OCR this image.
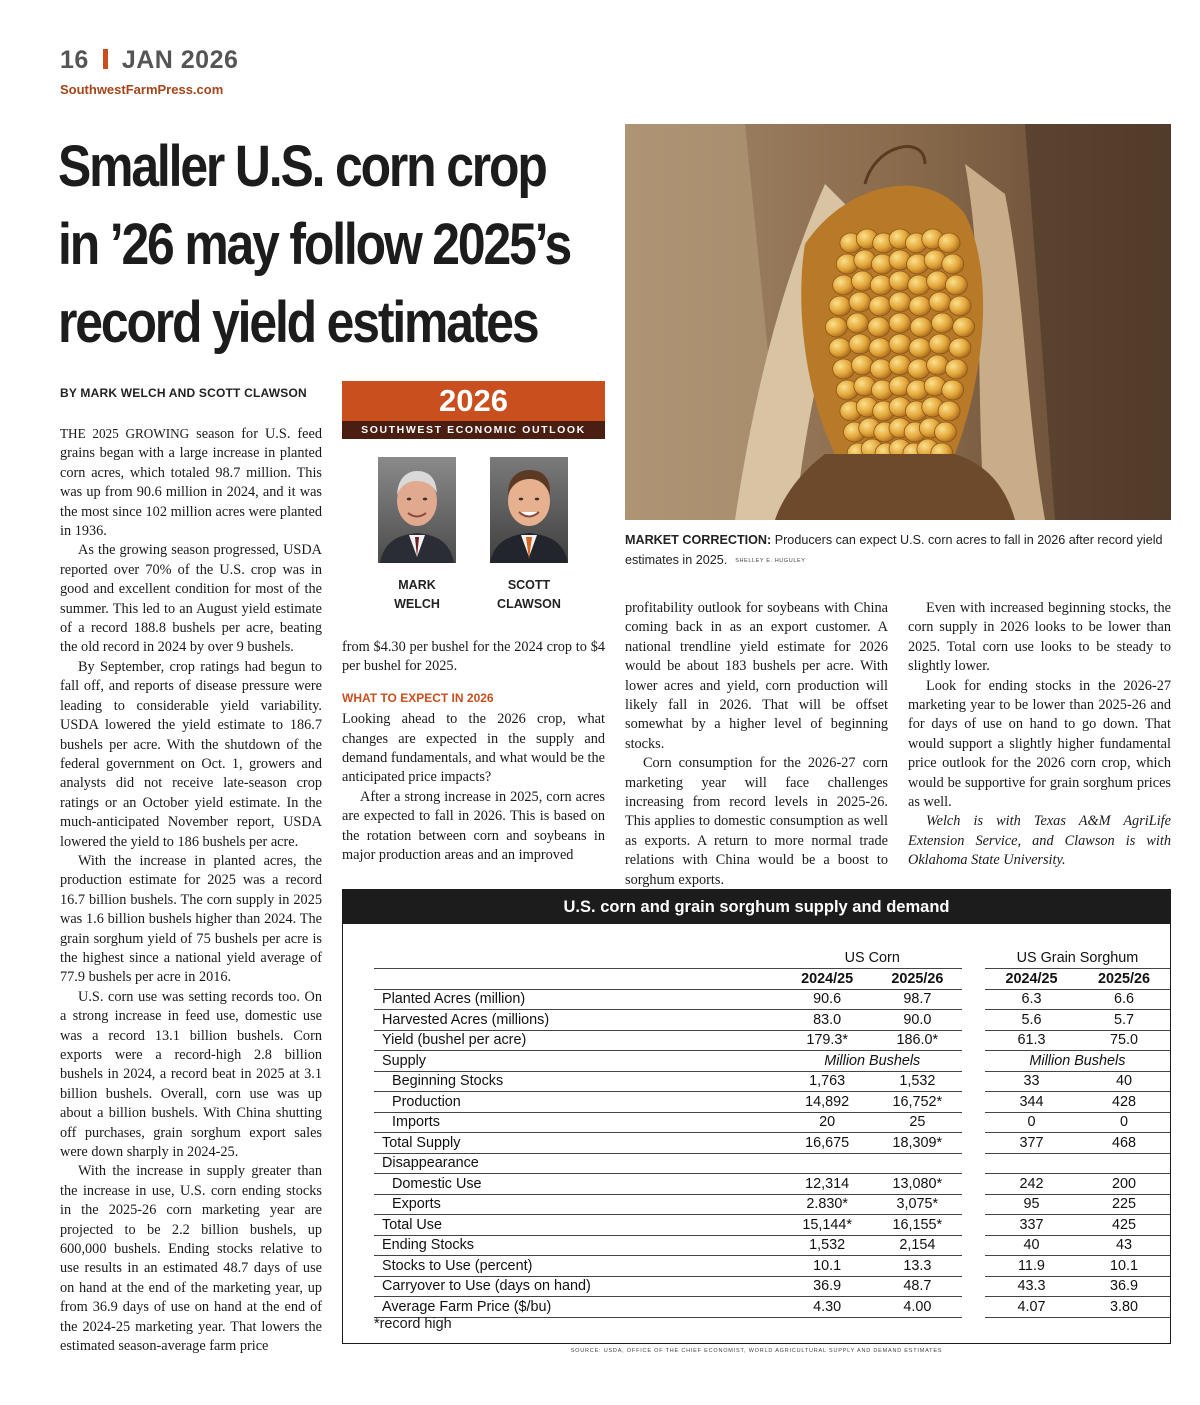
16 JAN 2026
SouthwestFarmPress.com
Smaller U.S. corn crop
in ’26 may follow 2025’s
record yield estimates
BY MARK WELCH AND SCOTT CLAWSON

THE 2025 GROWING season for U.S. feed grains began with a large increase in planted corn acres, which totaled 98.7 million. This was up from 90.6 million in 2024, and it was the most since 102 million acres were planted in 1936.

As the growing season progressed, USDA reported over 70% of the U.S. crop was in good and excellent condition for most of the summer. This led to an August yield estimate of a record 188.8 bushels per acre, beating the old record in 2024 by over 9 bushels.

By September, crop ratings had begun to fall off, and reports of disease pressure were leading to considerable yield variability. USDA lowered the yield estimate to 186.7 bushels per acre. With the shutdown of the federal government on Oct. 1, growers and analysts did not receive late-season crop ratings or an October yield estimate. In the much-anticipated November report, USDA lowered the yield to 186 bushels per acre.

With the increase in planted acres, the production estimate for 2025 was a record 16.7 billion bushels. The corn supply in 2025 was 1.6 billion bushels higher than 2024. The grain sorghum yield of 75 bushels per acre is the highest since a national yield average of 77.9 bushels per acre in 2016.

U.S. corn use was setting records too. On a strong increase in feed use, domestic use was a record 13.1 billion bushels. Corn exports were a record-high 2.8 billion bushels in 2024, a record beat in 2025 at 3.1 billion bushels. Overall, corn use was up about a billion bushels. With China shutting off purchases, grain sorghum export sales were down sharply in 2024-25.

With the increase in supply greater than the increase in use, U.S. corn ending stocks in the 2025-26 corn marketing year are projected to be 2.2 billion bushels, up 600,000 bushels. Ending stocks relative to use results in an estimated 48.7 days of use on hand at the end of the marketing year, up from 36.9 days of use on hand at the end of the 2024-25 marketing year. That lowers the estimated season-average farm price

2026
SOUTHWEST ECONOMIC OUTLOOK
MARK
WELCH
SCOTT
CLAWSON

from $4.30 per bushel for the 2024 crop to $4 per bushel for 2025.

WHAT TO EXPECT IN 2026

Looking ahead to the 2026 crop, what changes are expected in the supply and demand fundamentals, and what would be the anticipated price impacts?

After a strong increase in 2025, corn acres are expected to fall in 2026. This is based on the rotation between corn and soybeans in major production areas and an improved

MARKET CORRECTION: Producers can expect U.S. corn acres to fall in 2026 after record yield estimates in 2025. SHELLEY E. HUGULEY

profitability outlook for soybeans with China coming back in as an export customer. A national trendline yield estimate for 2026 would be about 183 bushels per acre. With lower acres and yield, corn production will likely fall in 2026. That will be offset somewhat by a higher level of beginning stocks.

Corn consumption for the 2026-27 corn marketing year will face challenges increasing from record levels in 2025-26. This applies to domestic consumption as well as exports. A return to more normal trade relations with China would be a boost to sorghum exports.

Even with increased beginning stocks, the corn supply in 2026 looks to be lower than 2025. Total corn use looks to be steady to slightly lower.

Look for ending stocks in the 2026-27 marketing year to be lower than 2025-26 and for days of use on hand to go down. That would support a slightly higher fundamental price outlook for the 2026 corn crop, which would be supportive for grain sorghum prices as well.

Welch is with Texas A&M AgriLife Extension Service, and Clawson is with Oklahoma State University.

U.S. corn and grain sorghum supply and demand
	US Corn			US Grain Sorghum	
	2024/25	2025/26		2024/25	2025/26
Planted Acres (million)	90.6	98.7		6.3	6.6
Harvested Acres (millions)	83.0	90.0		5.6	5.7
Yield (bushel per acre)	179.3*	186.0*		61.3	75.0
Supply	Million Bushels			Million Bushels	
Beginning Stocks	1,763	1,532		33	40
Production	14,892	16,752*		344	428
Imports	20	25		0	0
Total Supply	16,675	18,309*		377	468
Disappearance					
Domestic Use	12,314	13,080*		242	200
Exports	2.830*	3,075*		95	225
Total Use	15,144*	16,155*		337	425
Ending Stocks	1,532	2,154		40	43
Stocks to Use (percent)	10.1	13.3		11.9	10.1
Carryover to Use (days on hand)	36.9	48.7		43.3	36.9
Average Farm Price ($/bu)	4.30	4.00		4.07	3.80
*record high
SOURCE: USDA, OFFICE OF THE CHIEF ECONOMIST, WORLD AGRICULTURAL SUPPLY AND DEMAND ESTIMATES
